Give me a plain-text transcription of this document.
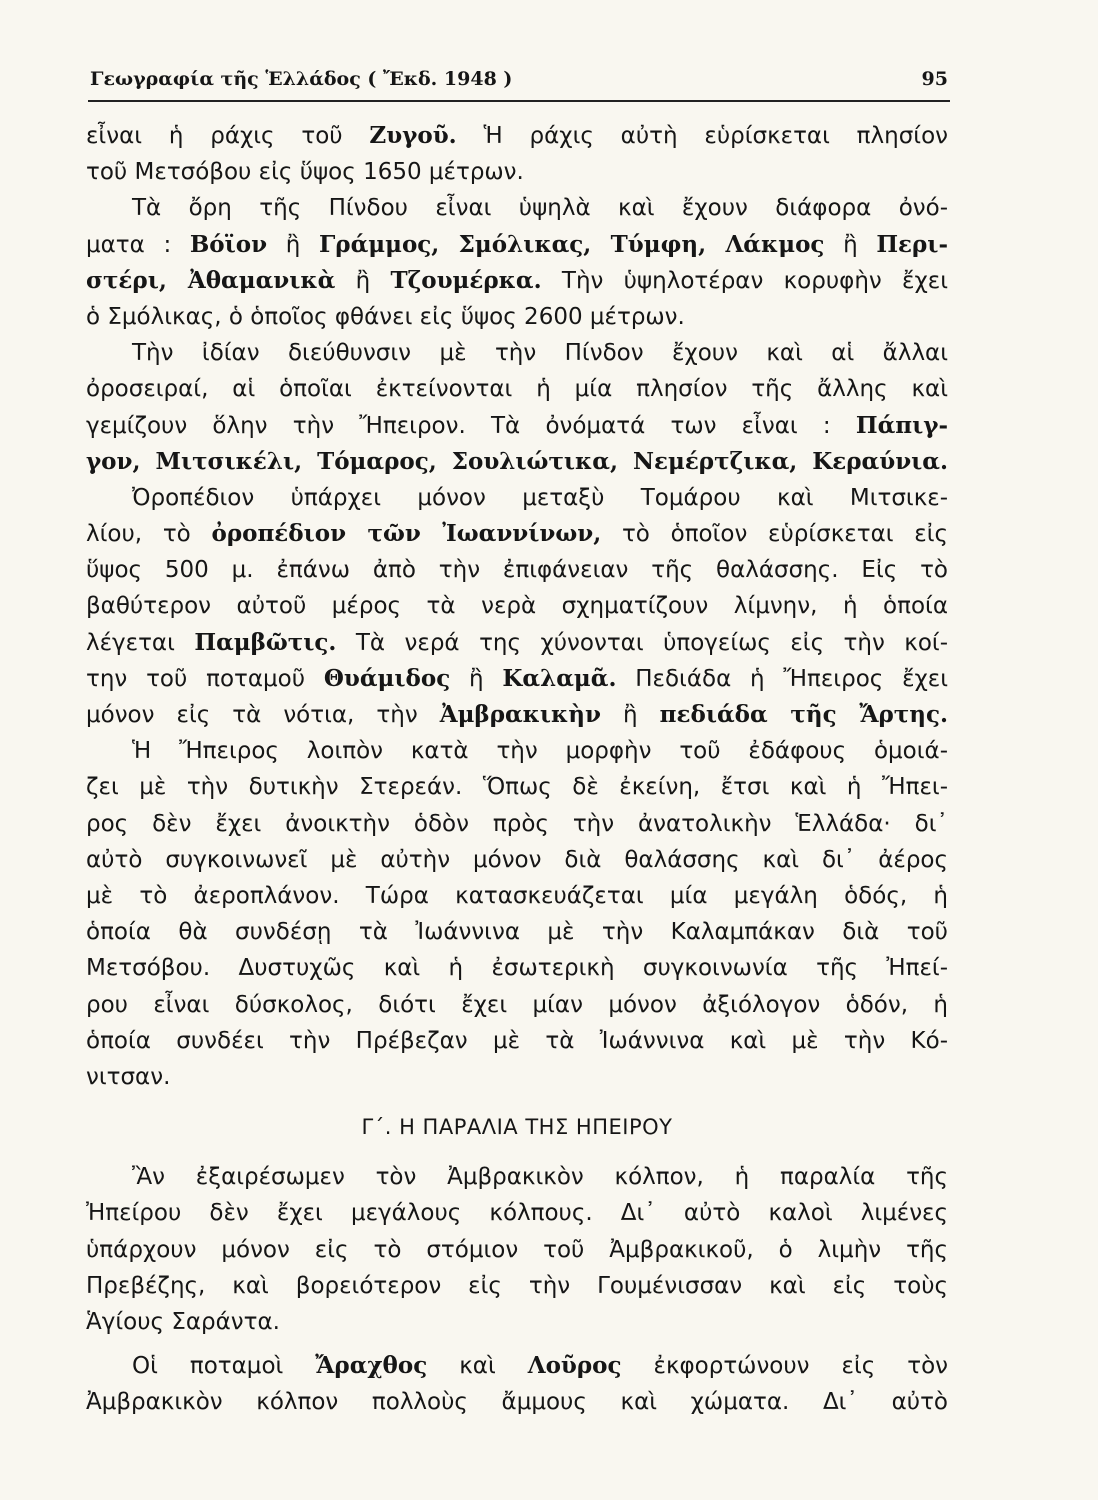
Γεωγραφία τῆς Ἑλλάδος ( Ἔκδ. 1948 )	95
εἶναι ἡ ράχις τοῦ Ζυγοῦ. Ἡ ράχις αὐτὴ εὑρίσκεται πλησίον
τοῦ Μετσόβου εἰς ὕψος 1650 μέτρων.
Τὰ ὄρη τῆς Πίνδου εἶναι ὑψηλὰ καὶ ἔχουν διάφορα ὀνό-
ματα : Βόϊον ἢ Γράμμος, Σμόλικας, Τύμφη, Λάκμος ἢ Περι-
στέρι, Ἀθαμανικὰ ἢ Τζουμέρκα. Τὴν ὑψηλοτέραν κορυφὴν ἔχει
ὁ Σμόλικας, ὁ ὁποῖος φθάνει εἰς ὕψος 2600 μέτρων.
Τὴν ἰδίαν διεύθυνσιν μὲ τὴν Πίνδον ἔχουν καὶ αἱ ἄλλαι
ὀροσειραί, αἱ ὁποῖαι ἐκτείνονται ἡ μία πλησίον τῆς ἄλλης καὶ
γεμίζουν ὅλην τὴν Ἤπειρον. Τὰ ὀνόματά των εἶναι : Πάπιγ-
γον, Μιτσικέλι, Τόμαρος, Σουλιώτικα, Νεμέρτζικα, Κεραύνια.
Ὀροπέδιον ὑπάρχει μόνον μεταξὺ Τομάρου καὶ Μιτσικε-
λίου, τὸ ὀροπέδιον τῶν Ἰωαννίνων, τὸ ὁποῖον εὑρίσκεται εἰς
ὕψος 500 μ. ἐπάνω ἀπὸ τὴν ἐπιφάνειαν τῆς θαλάσσης. Εἰς τὸ
βαθύτερον αὐτοῦ μέρος τὰ νερὰ σχηματίζουν λίμνην, ἡ ὁποία
λέγεται Παμβῶτις. Τὰ νερά της χύνονται ὑπογείως εἰς τὴν κοί-
την τοῦ ποταμοῦ Θυάμιδος ἢ Καλαμᾶ. Πεδιάδα ἡ Ἤπειρος ἔχει
μόνον εἰς τὰ νότια, τὴν Ἀμβρακικὴν ἢ πεδιάδα τῆς Ἄρτης.
Ἡ Ἤπειρος λοιπὸν κατὰ τὴν μορφὴν τοῦ ἐδάφους ὁμοιά-
ζει μὲ τὴν δυτικὴν Στερεάν. Ὅπως δὲ ἐκείνη, ἔτσι καὶ ἡ Ἤπει-
ρος δὲν ἔχει ἀνοικτὴν ὁδὸν πρὸς τὴν ἀνατολικὴν Ἑλλάδα· δι᾿
αὐτὸ συγκοινωνεῖ μὲ αὐτὴν μόνον διὰ θαλάσσης καὶ δι᾿ ἀέρος
μὲ τὸ ἀεροπλάνον. Τώρα κατασκευάζεται μία μεγάλη ὁδός, ἡ
ὁποία θὰ συνδέσῃ τὰ Ἰωάννινα μὲ τὴν Καλαμπάκαν διὰ τοῦ
Μετσόβου. Δυστυχῶς καὶ ἡ ἐσωτερικὴ συγκοινωνία τῆς Ἠπεί-
ρου εἶναι δύσκολος, διότι ἔχει μίαν μόνον ἀξιόλογον ὁδόν, ἡ
ὁποία συνδέει τὴν Πρέβεζαν μὲ τὰ Ἰωάννινα καὶ μὲ τὴν Κό-
νιτσαν.
Γ΄. Η ΠΑΡΑΛΙΑ ΤΗΣ ΗΠΕΙΡΟΥ
Ἂν ἐξαιρέσωμεν τὸν Ἀμβρακικὸν κόλπον, ἡ παραλία τῆς
Ἠπείρου δὲν ἔχει μεγάλους κόλπους. Δι᾿ αὐτὸ καλοὶ λιμένες
ὑπάρχουν μόνον εἰς τὸ στόμιον τοῦ Ἀμβρακικοῦ, ὁ λιμὴν τῆς
Πρεβέζης, καὶ βορειότερον εἰς τὴν Γουμένισσαν καὶ εἰς τοὺς
Ἁγίους Σαράντα.
Οἱ ποταμοὶ Ἄραχθος καὶ Λοῦρος ἐκφορτώνουν εἰς τὸν
Ἀμβρακικὸν κόλπον πολλοὺς ἄμμους καὶ χώματα. Δι᾿ αὐτὸ
